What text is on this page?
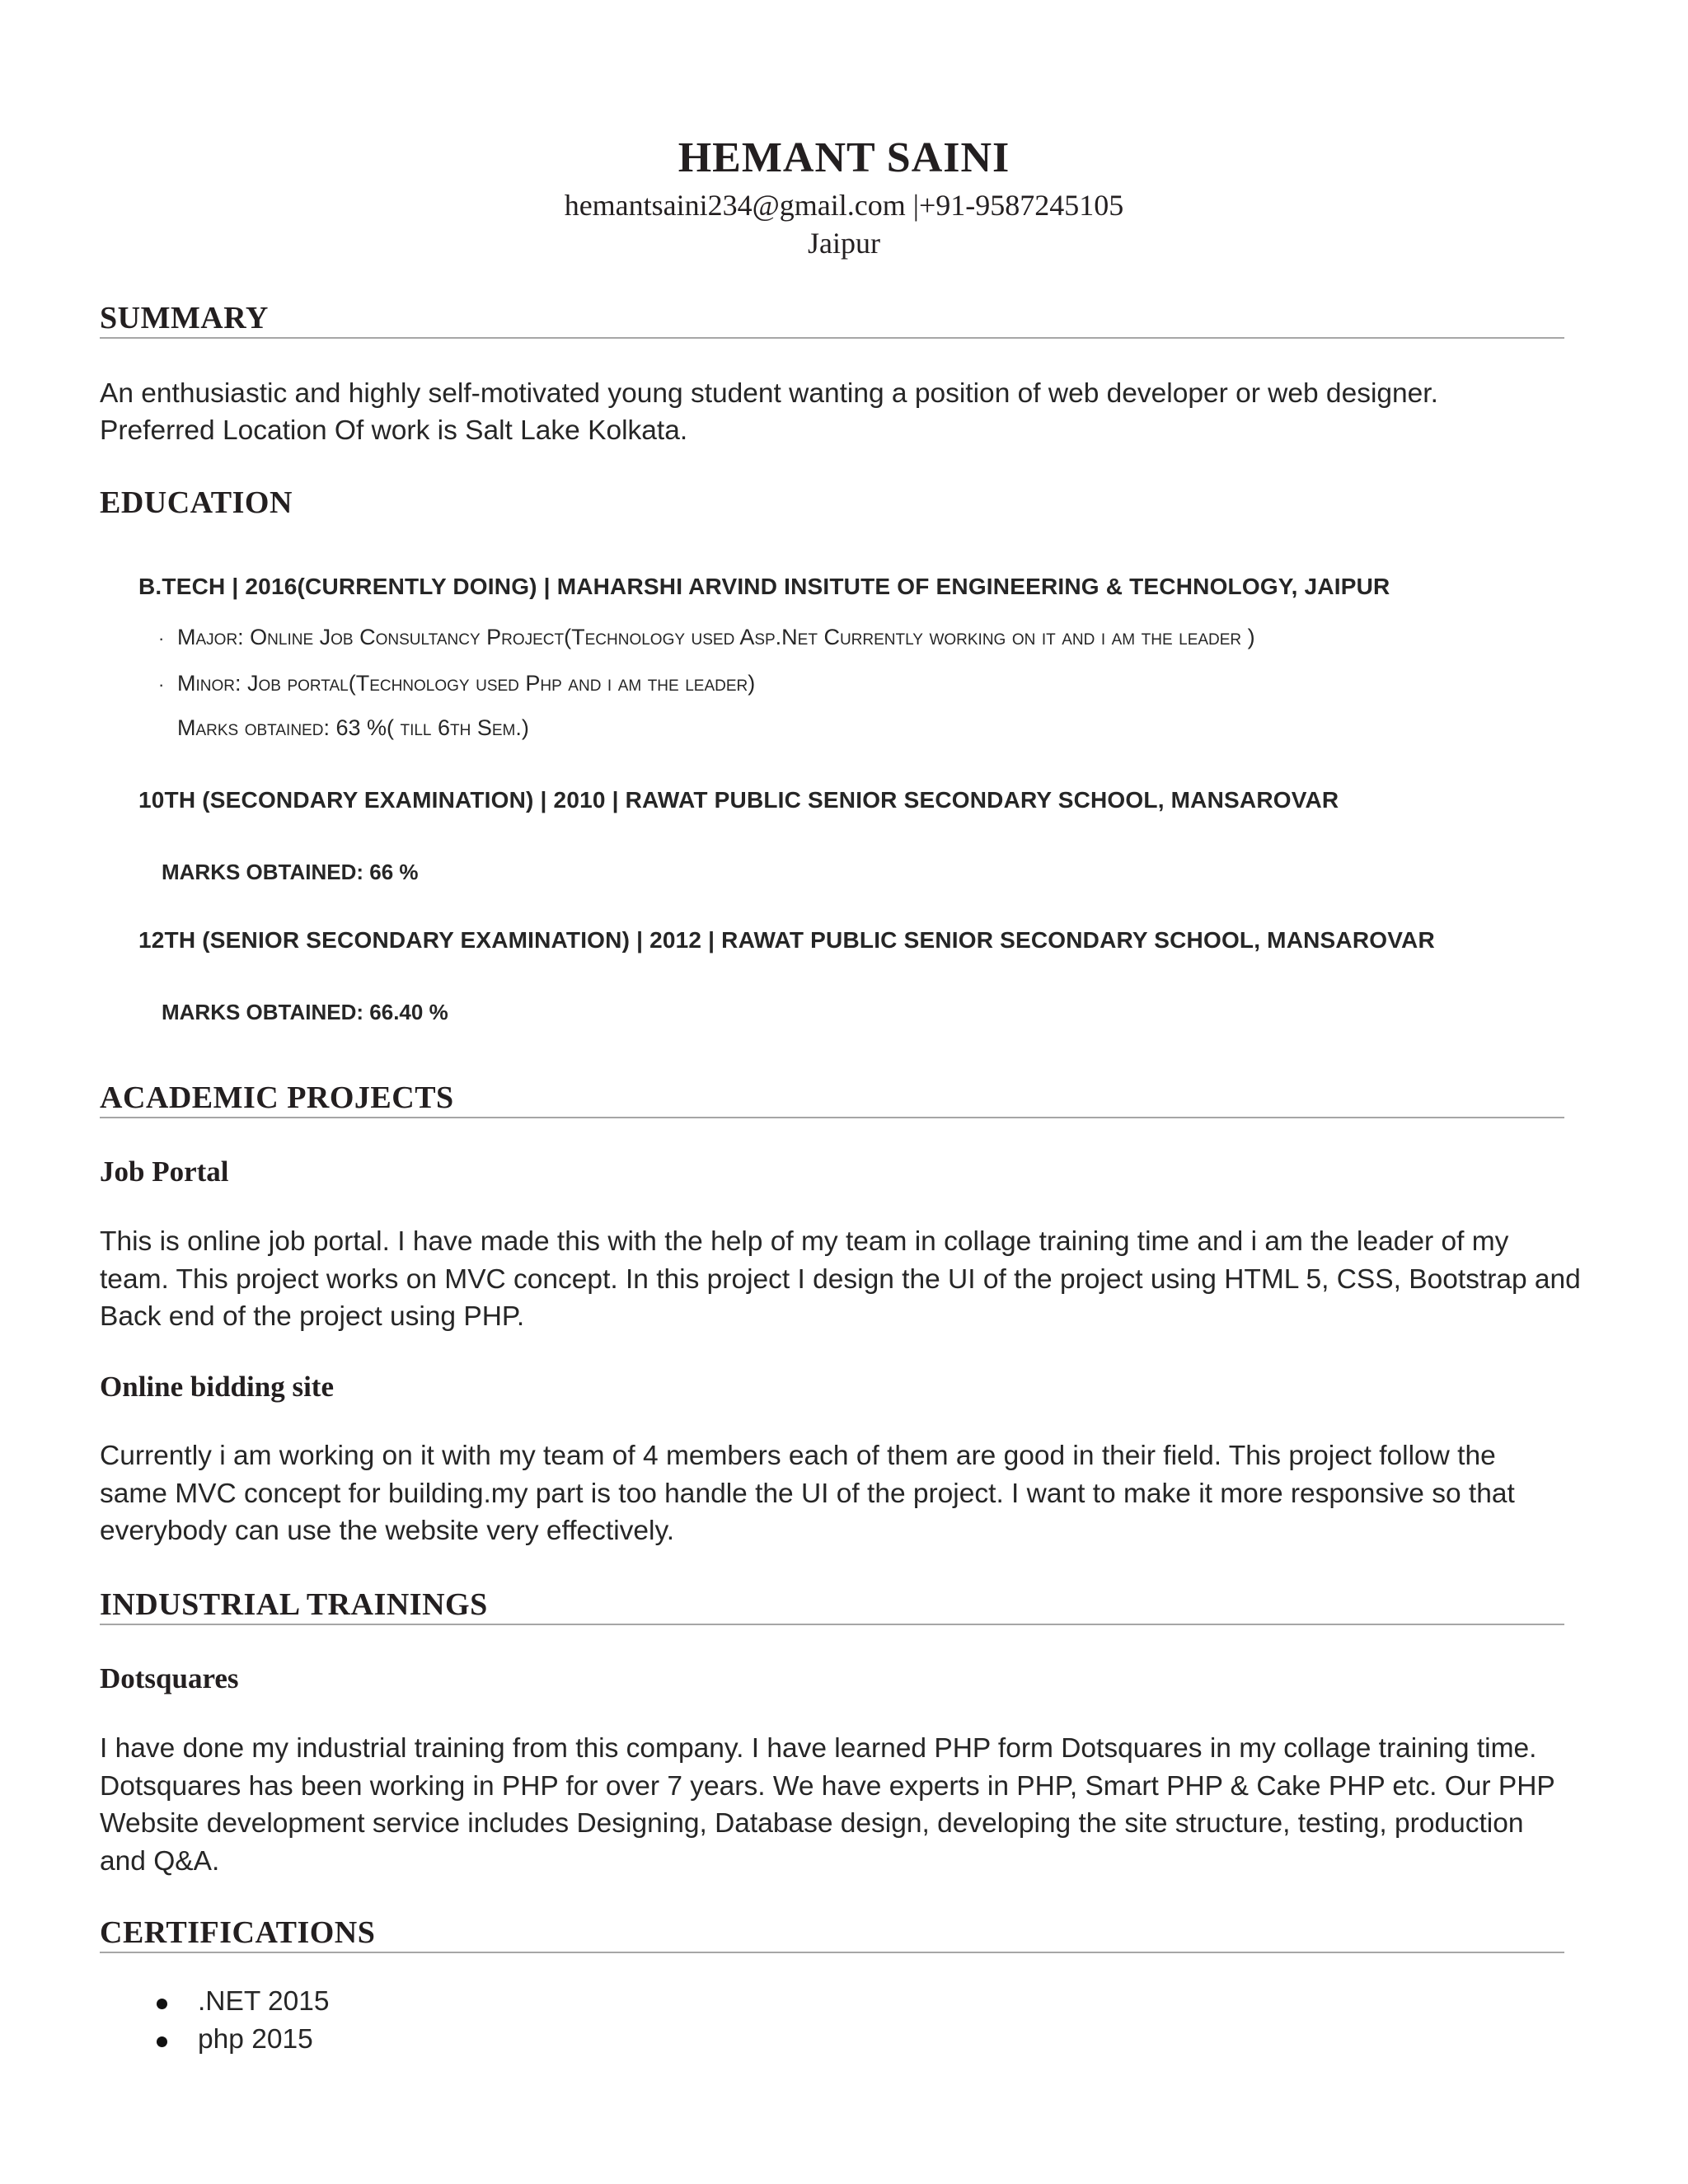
HEMANT SAINI
hemantsaini234@gmail.com |+91-9587245105
Jaipur
SUMMARY
An enthusiastic and highly self-motivated young student wanting a position of web developer or web designer.
Preferred Location Of work is Salt Lake Kolkata.
EDUCATION
B.TECH | 2016(CURRENTLY DOING) | MAHARSHI ARVIND INSITUTE OF ENGINEERING & TECHNOLOGY, JAIPUR
· Major: Online Job Consultancy Project(Technology used Asp.Net Currently working on it and i am the leader )
· Minor: Job portal(Technology used Php and i am the leader)
Marks obtained: 63 %( till 6th Sem.)
10TH (SECONDARY EXAMINATION) | 2010 | RAWAT PUBLIC SENIOR SECONDARY SCHOOL, MANSAROVAR
MARKS OBTAINED: 66 %
12TH (SENIOR SECONDARY EXAMINATION) | 2012 | RAWAT PUBLIC SENIOR SECONDARY SCHOOL, MANSAROVAR
MARKS OBTAINED: 66.40 %
ACADEMIC PROJECTS
Job Portal
This is online job portal. I have made this with the help of my team in collage training time and i am the leader of my
team. This project works on MVC concept. In this project I design the UI of the project using HTML 5, CSS, Bootstrap and
Back end of the project using PHP.
Online bidding site
Currently i am working on it with my team of 4 members each of them are good in their field. This project follow the
same MVC concept for building.my part is too handle the UI of the project. I want to make it more responsive so that
everybody can use the website very effectively.
INDUSTRIAL TRAININGS
Dotsquares
I have done my industrial training from this company. I have learned PHP form Dotsquares in my collage training time.
Dotsquares has been working in PHP for over 7 years. We have experts in PHP, Smart PHP & Cake PHP etc. Our PHP
Website development service includes Designing, Database design, developing the site structure, testing, production
and Q&A.
CERTIFICATIONS
.NET 2015
php 2015
